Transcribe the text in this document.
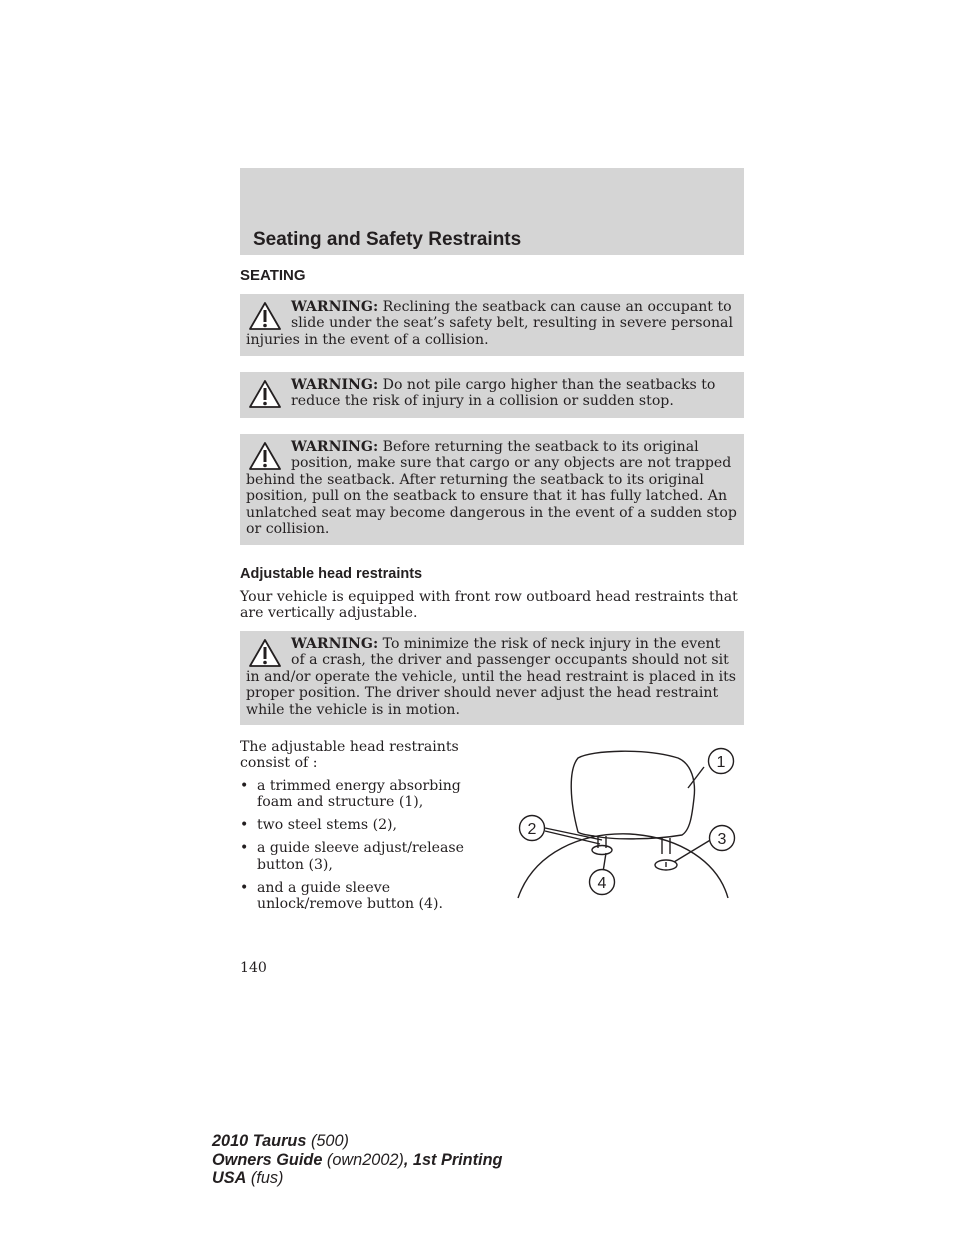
Seating and Safety Restraints
SEATING
WARNING: Reclining the seatback can cause an occupant to slide under the seat’s safety belt, resulting in severe personal injuries in the event of a collision.
WARNING: Do not pile cargo higher than the seatbacks to reduce the risk of injury in a collision or sudden stop.
WARNING: Before returning the seatback to its original position, make sure that cargo or any objects are not trapped behind the seatback. After returning the seatback to its original position, pull on the seatback to ensure that it has fully latched. An unlatched seat may become dangerous in the event of a sudden stop or collision.
Adjustable head restraints
Your vehicle is equipped with front row outboard head restraints that are vertically adjustable.
WARNING: To minimize the risk of neck injury in the event of a crash, the driver and passenger occupants should not sit in and/or operate the vehicle, until the head restraint is placed in its proper position. The driver should never adjust the head restraint while the vehicle is in motion.
The adjustable head restraints consist of :
• a trimmed energy absorbing foam and structure (1),
• two steel stems (2),
• a guide sleeve adjust/release button (3),
• and a guide sleeve unlock/remove button (4).
1
2
3
4
140
2010 Taurus (500)
Owners Guide (own2002), 1st Printing
USA (fus)
